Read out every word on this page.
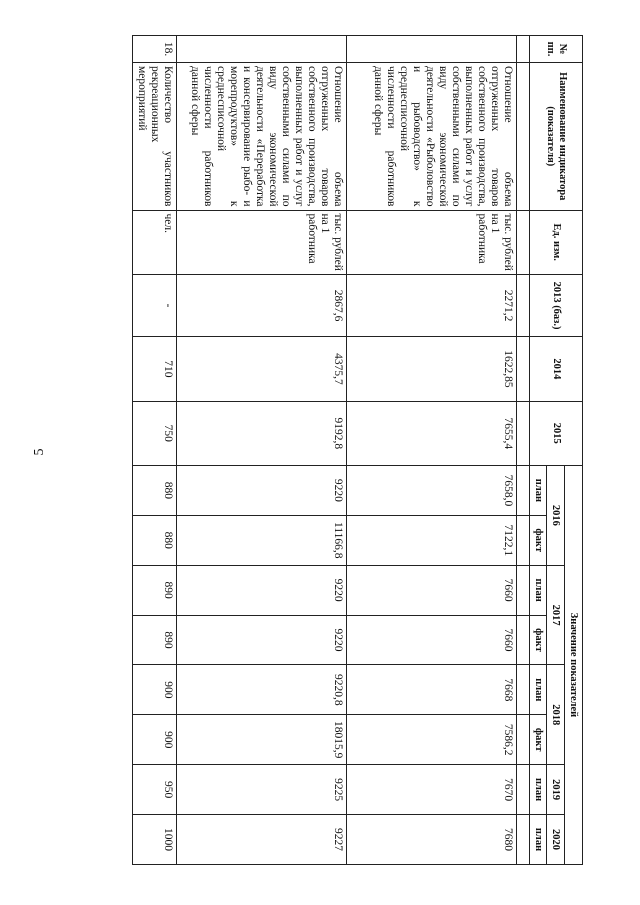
5
№ пп.	Наименование индикатора (показателя)	Ед. изм.	2013 (баз.)	2014	2015	Значение показателей							
						2016		2017		2018		2019	2020
						план	факт	план	факт	план	факт	план	план

	Отношение объема отгруженных товаров собственного производства, выполненных работ и услуг собственными силами по виду экономической деятельности «Рыболовство и рыбоводство» к среднесписочной численности работников данной сферы	тыс. рублей на 1 работника	2271,2	1622,85	7655,4	7658,0	7122,1	7660	7660	7668	7586,2	7670	7680
	Отношение объема отгруженных товаров собственного производства, выполненных работ и услуг собственными силами по виду экономической деятельности «Переработка и консервирование рыбо- и морепродуктов» к среднесписочной численности работников данной сферы	тыс. рублей на 1 работника	2867,6	4375,7	9192,8	9220	11166,8	9220	9220	9220,8	18015,9	9225	9227
18.	Количество участников рекреационных мероприятий	чел.	-	710	750	880	880	890	890	900	900	950	1000
